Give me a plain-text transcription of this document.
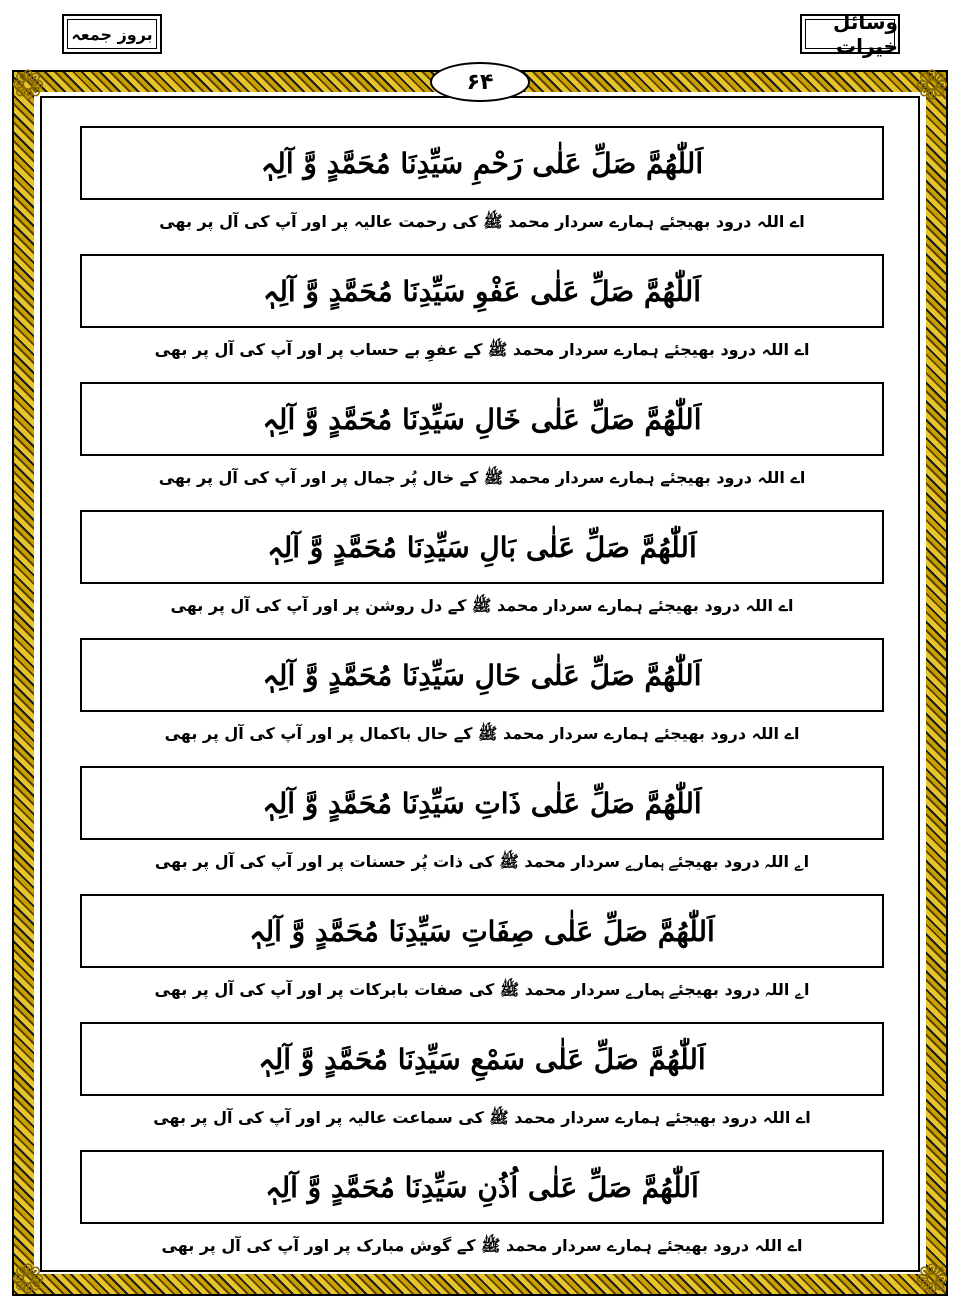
بروز جمعہ	وسائل خیرات
❁	❁
❁	❁
۶۴
اَللّٰھُمَّ صَلِّ عَلٰی رَحْمِ سَیِّدِنَا مُحَمَّدٍ وَّ آلِہٖ
اے اللہ درود بھیجئے ہمارے سردار محمد ﷺ کی رحمت عالیہ پر اور آپ کی آل پر بھی
اَللّٰھُمَّ صَلِّ عَلٰی عَفْوِ سَیِّدِنَا مُحَمَّدٍ وَّ آلِہٖ
اے اللہ درود بھیجئے ہمارے سردار محمد ﷺ کے عفوِ بے حساب پر اور آپ کی آل پر بھی
اَللّٰھُمَّ صَلِّ عَلٰی خَالِ سَیِّدِنَا مُحَمَّدٍ وَّ آلِہٖ
اے اللہ درود بھیجئے ہمارے سردار محمد ﷺ کے خال پُر جمال پر اور آپ کی آل پر بھی
اَللّٰھُمَّ صَلِّ عَلٰی بَالِ سَیِّدِنَا مُحَمَّدٍ وَّ آلِہٖ
اے اللہ درود بھیجئے ہمارے سردار محمد ﷺ کے دل روشن پر اور آپ کی آل پر بھی
اَللّٰھُمَّ صَلِّ عَلٰی حَالِ سَیِّدِنَا مُحَمَّدٍ وَّ آلِہٖ
اے اللہ درود بھیجئے ہمارے سردار محمد ﷺ کے حال باکمال پر اور آپ کی آل پر بھی
اَللّٰھُمَّ صَلِّ عَلٰی ذَاتِ سَیِّدِنَا مُحَمَّدٍ وَّ آلِہٖ
اے اللہ درود بھیجئے ہمارے سردار محمد ﷺ کی ذات پُر حسنات پر اور آپ کی آل پر بھی
اَللّٰھُمَّ صَلِّ عَلٰی صِفَاتِ سَیِّدِنَا مُحَمَّدٍ وَّ آلِہٖ
اے اللہ درود بھیجئے ہمارے سردار محمد ﷺ کی صفات بابرکات پر اور آپ کی آل پر بھی
اَللّٰھُمَّ صَلِّ عَلٰی سَمْعِ سَیِّدِنَا مُحَمَّدٍ وَّ آلِہٖ
اے اللہ درود بھیجئے ہمارے سردار محمد ﷺ کی سماعت عالیہ پر اور آپ کی آل پر بھی
اَللّٰھُمَّ صَلِّ عَلٰی اُذُنِ سَیِّدِنَا مُحَمَّدٍ وَّ آلِہٖ
اے اللہ درود بھیجئے ہمارے سردار محمد ﷺ کے گوش مبارک پر اور آپ کی آل پر بھی
